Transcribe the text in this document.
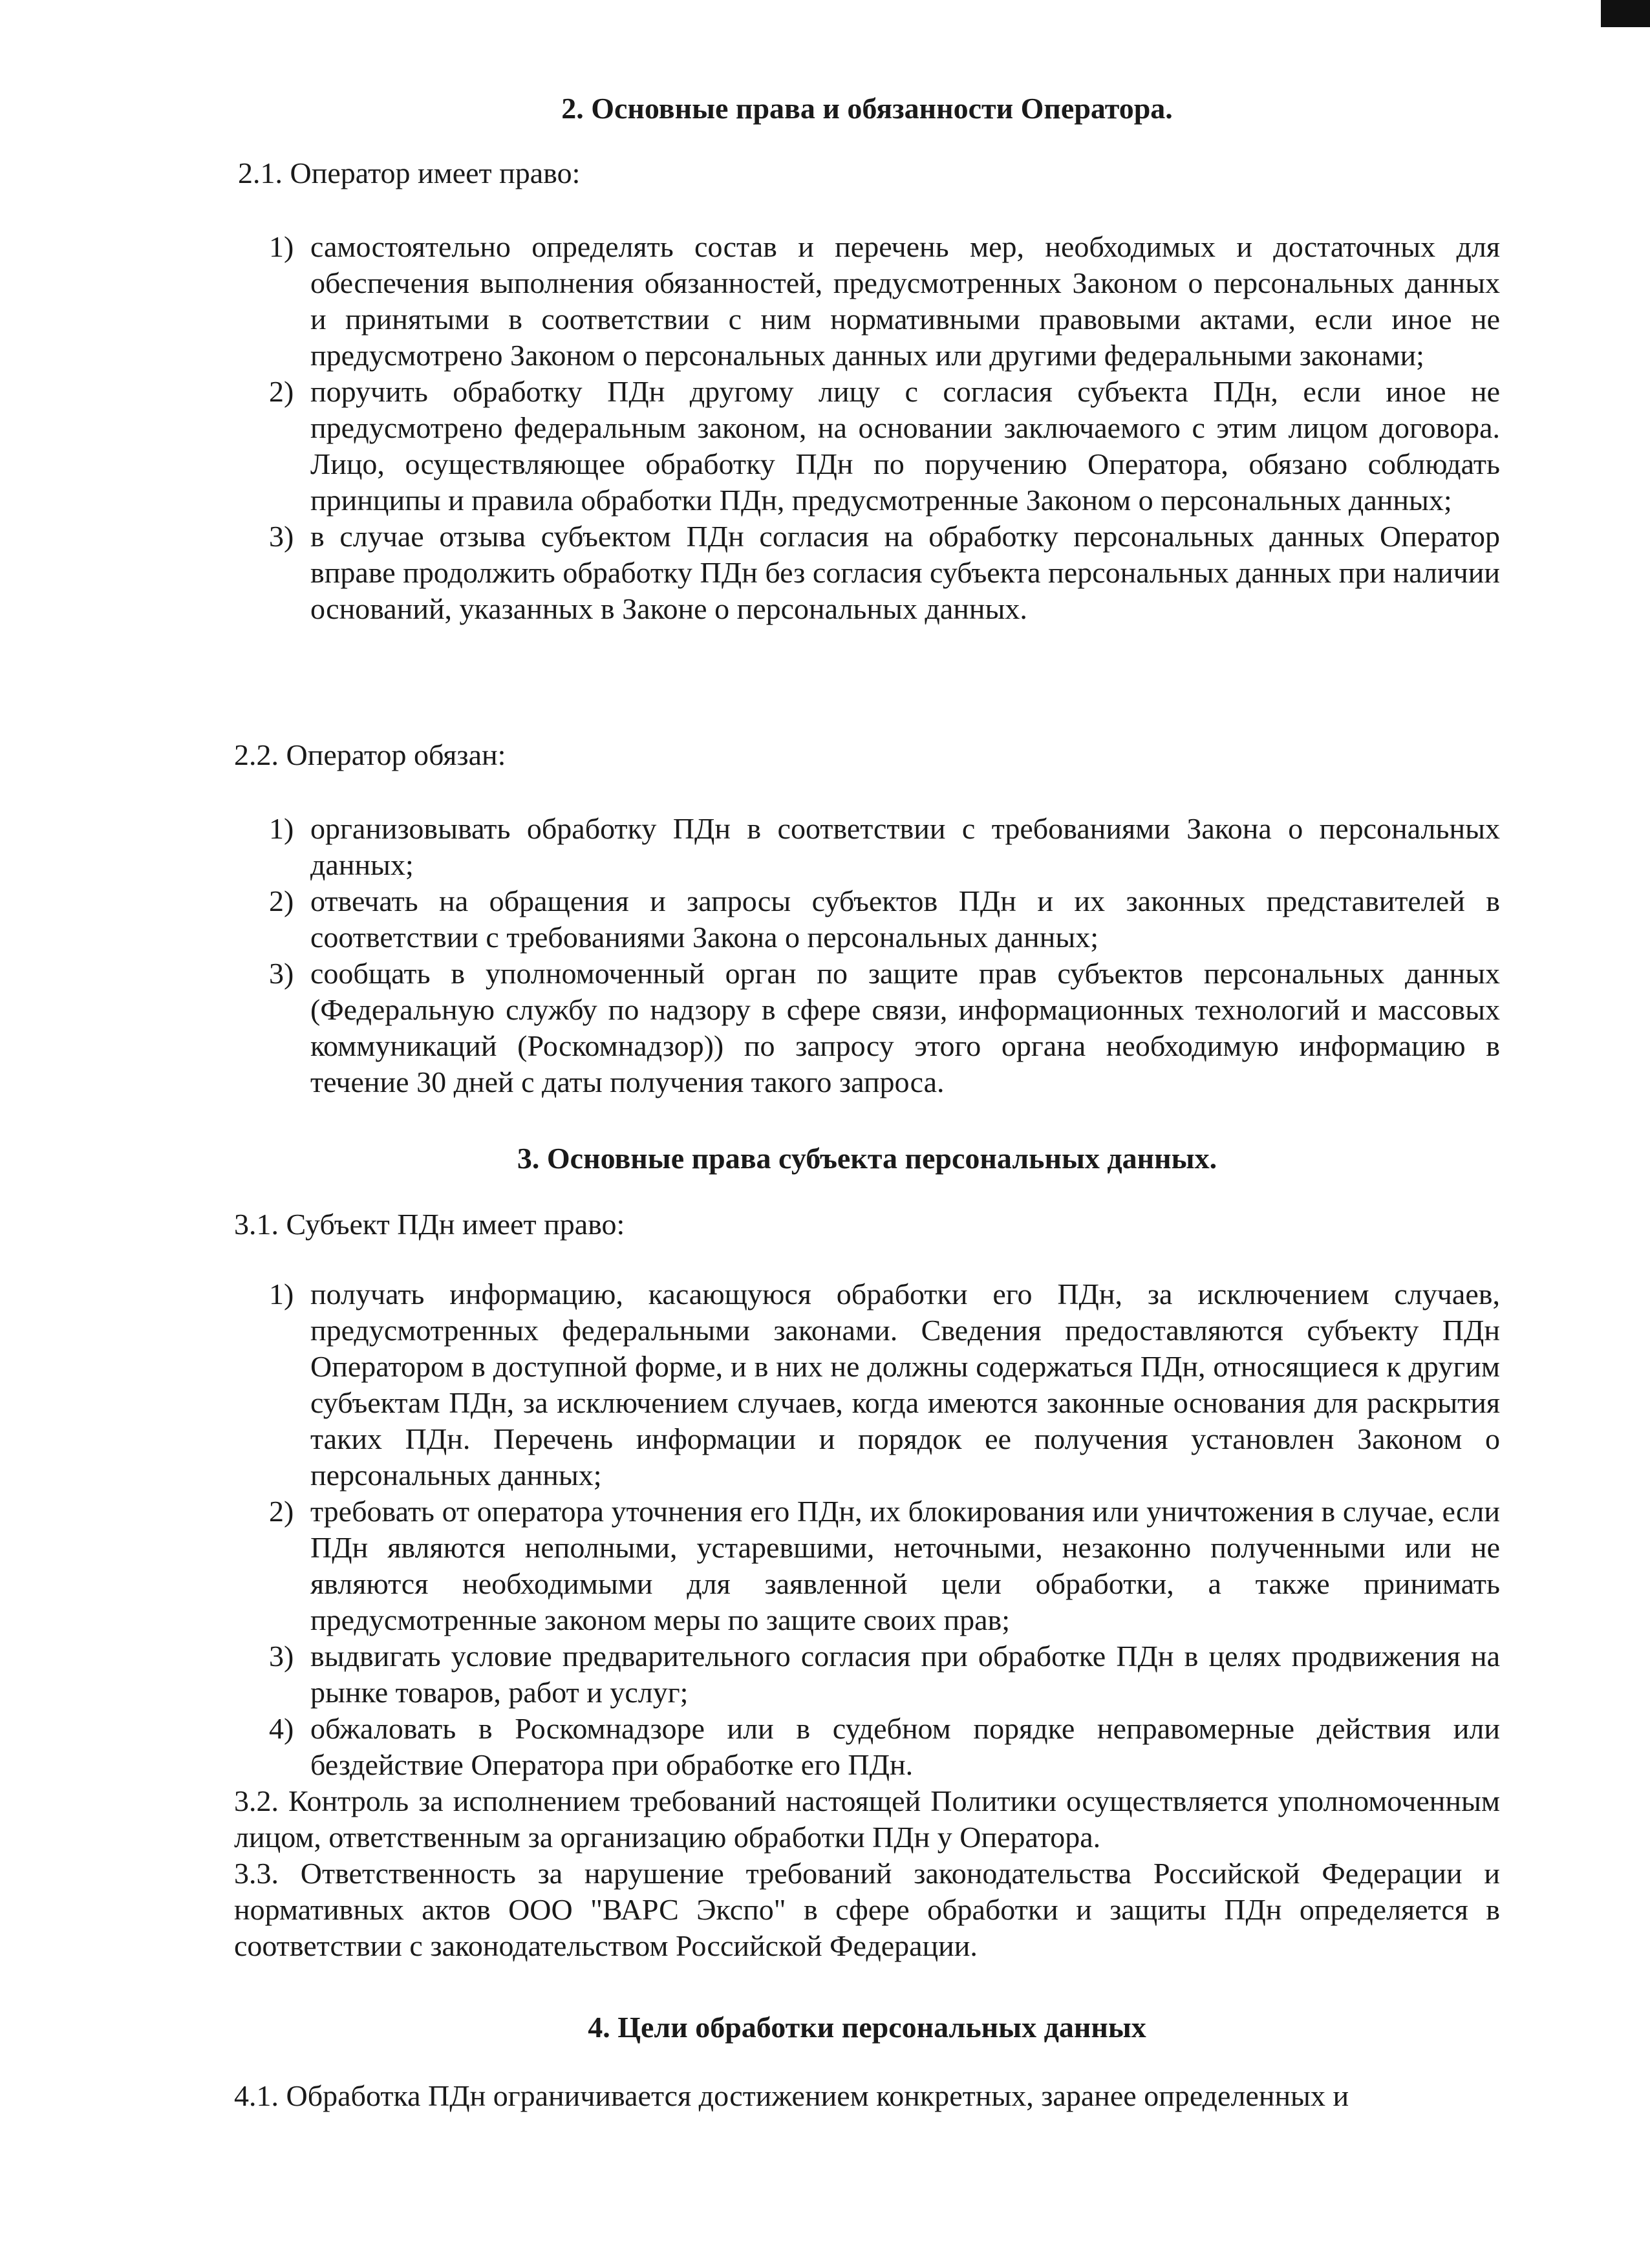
2. Основные права и обязанности Оператора.
2.1. Оператор имеет право:
1) самостоятельно определять состав и перечень мер, необходимых и достаточных для обеспечения выполнения обязанностей, предусмотренных Законом о персональных данных и принятыми в соответствии с ним нормативными правовыми актами, если иное не предусмотрено Законом о персональных данных или другими федеральными законами;
2) поручить обработку ПДн другому лицу с согласия субъекта ПДн, если иное не предусмотрено федеральным законом, на основании заключаемого с этим лицом договора. Лицо, осуществляющее обработку ПДн по поручению Оператора, обязано соблюдать принципы и правила обработки ПДн, предусмотренные Законом о персональных данных;
3) в случае отзыва субъектом ПДн согласия на обработку персональных данных Оператор вправе продолжить обработку ПДн без согласия субъекта персональных данных при наличии оснований, указанных в Законе о персональных данных.
2.2. Оператор обязан:
1) организовывать обработку ПДн в соответствии с требованиями Закона о персональных данных;
2) отвечать на обращения и запросы субъектов ПДн и их законных представителей в соответствии с требованиями Закона о персональных данных;
3) сообщать в уполномоченный орган по защите прав субъектов персональных данных (Федеральную службу по надзору в сфере связи, информационных технологий и массовых коммуникаций (Роскомнадзор)) по запросу этого органа необходимую информацию в течение 30 дней с даты получения такого запроса.
3. Основные права субъекта персональных данных.
3.1. Субъект ПДн имеет право:
1) получать информацию, касающуюся обработки его ПДн, за исключением случаев, предусмотренных федеральными законами. Сведения предоставляются субъекту ПДн Оператором в доступной форме, и в них не должны содержаться ПДн, относящиеся к другим субъектам ПДн, за исключением случаев, когда имеются законные основания для раскрытия таких ПДн. Перечень информации и порядок ее получения установлен Законом о персональных данных;
2) требовать от оператора уточнения его ПДн, их блокирования или уничтожения в случае, если ПДн являются неполными, устаревшими, неточными, незаконно полученными или не являются необходимыми для заявленной цели обработки, а также принимать предусмотренные законом меры по защите своих прав;
3) выдвигать условие предварительного согласия при обработке ПДн в целях продвижения на рынке товаров, работ и услуг;
4) обжаловать в Роскомнадзоре или в судебном порядке неправомерные действия или бездействие Оператора при обработке его ПДн.
3.2. Контроль за исполнением требований настоящей Политики осуществляется уполномоченным лицом, ответственным за организацию обработки ПДн у Оператора.
3.3. Ответственность за нарушение требований законодательства Российской Федерации и нормативных актов ООО "ВАРС Экспо" в сфере обработки и защиты ПДн определяется в соответствии с законодательством Российской Федерации.
4. Цели обработки персональных данных
4.1. Обработка ПДн ограничивается достижением конкретных, заранее определенных и
